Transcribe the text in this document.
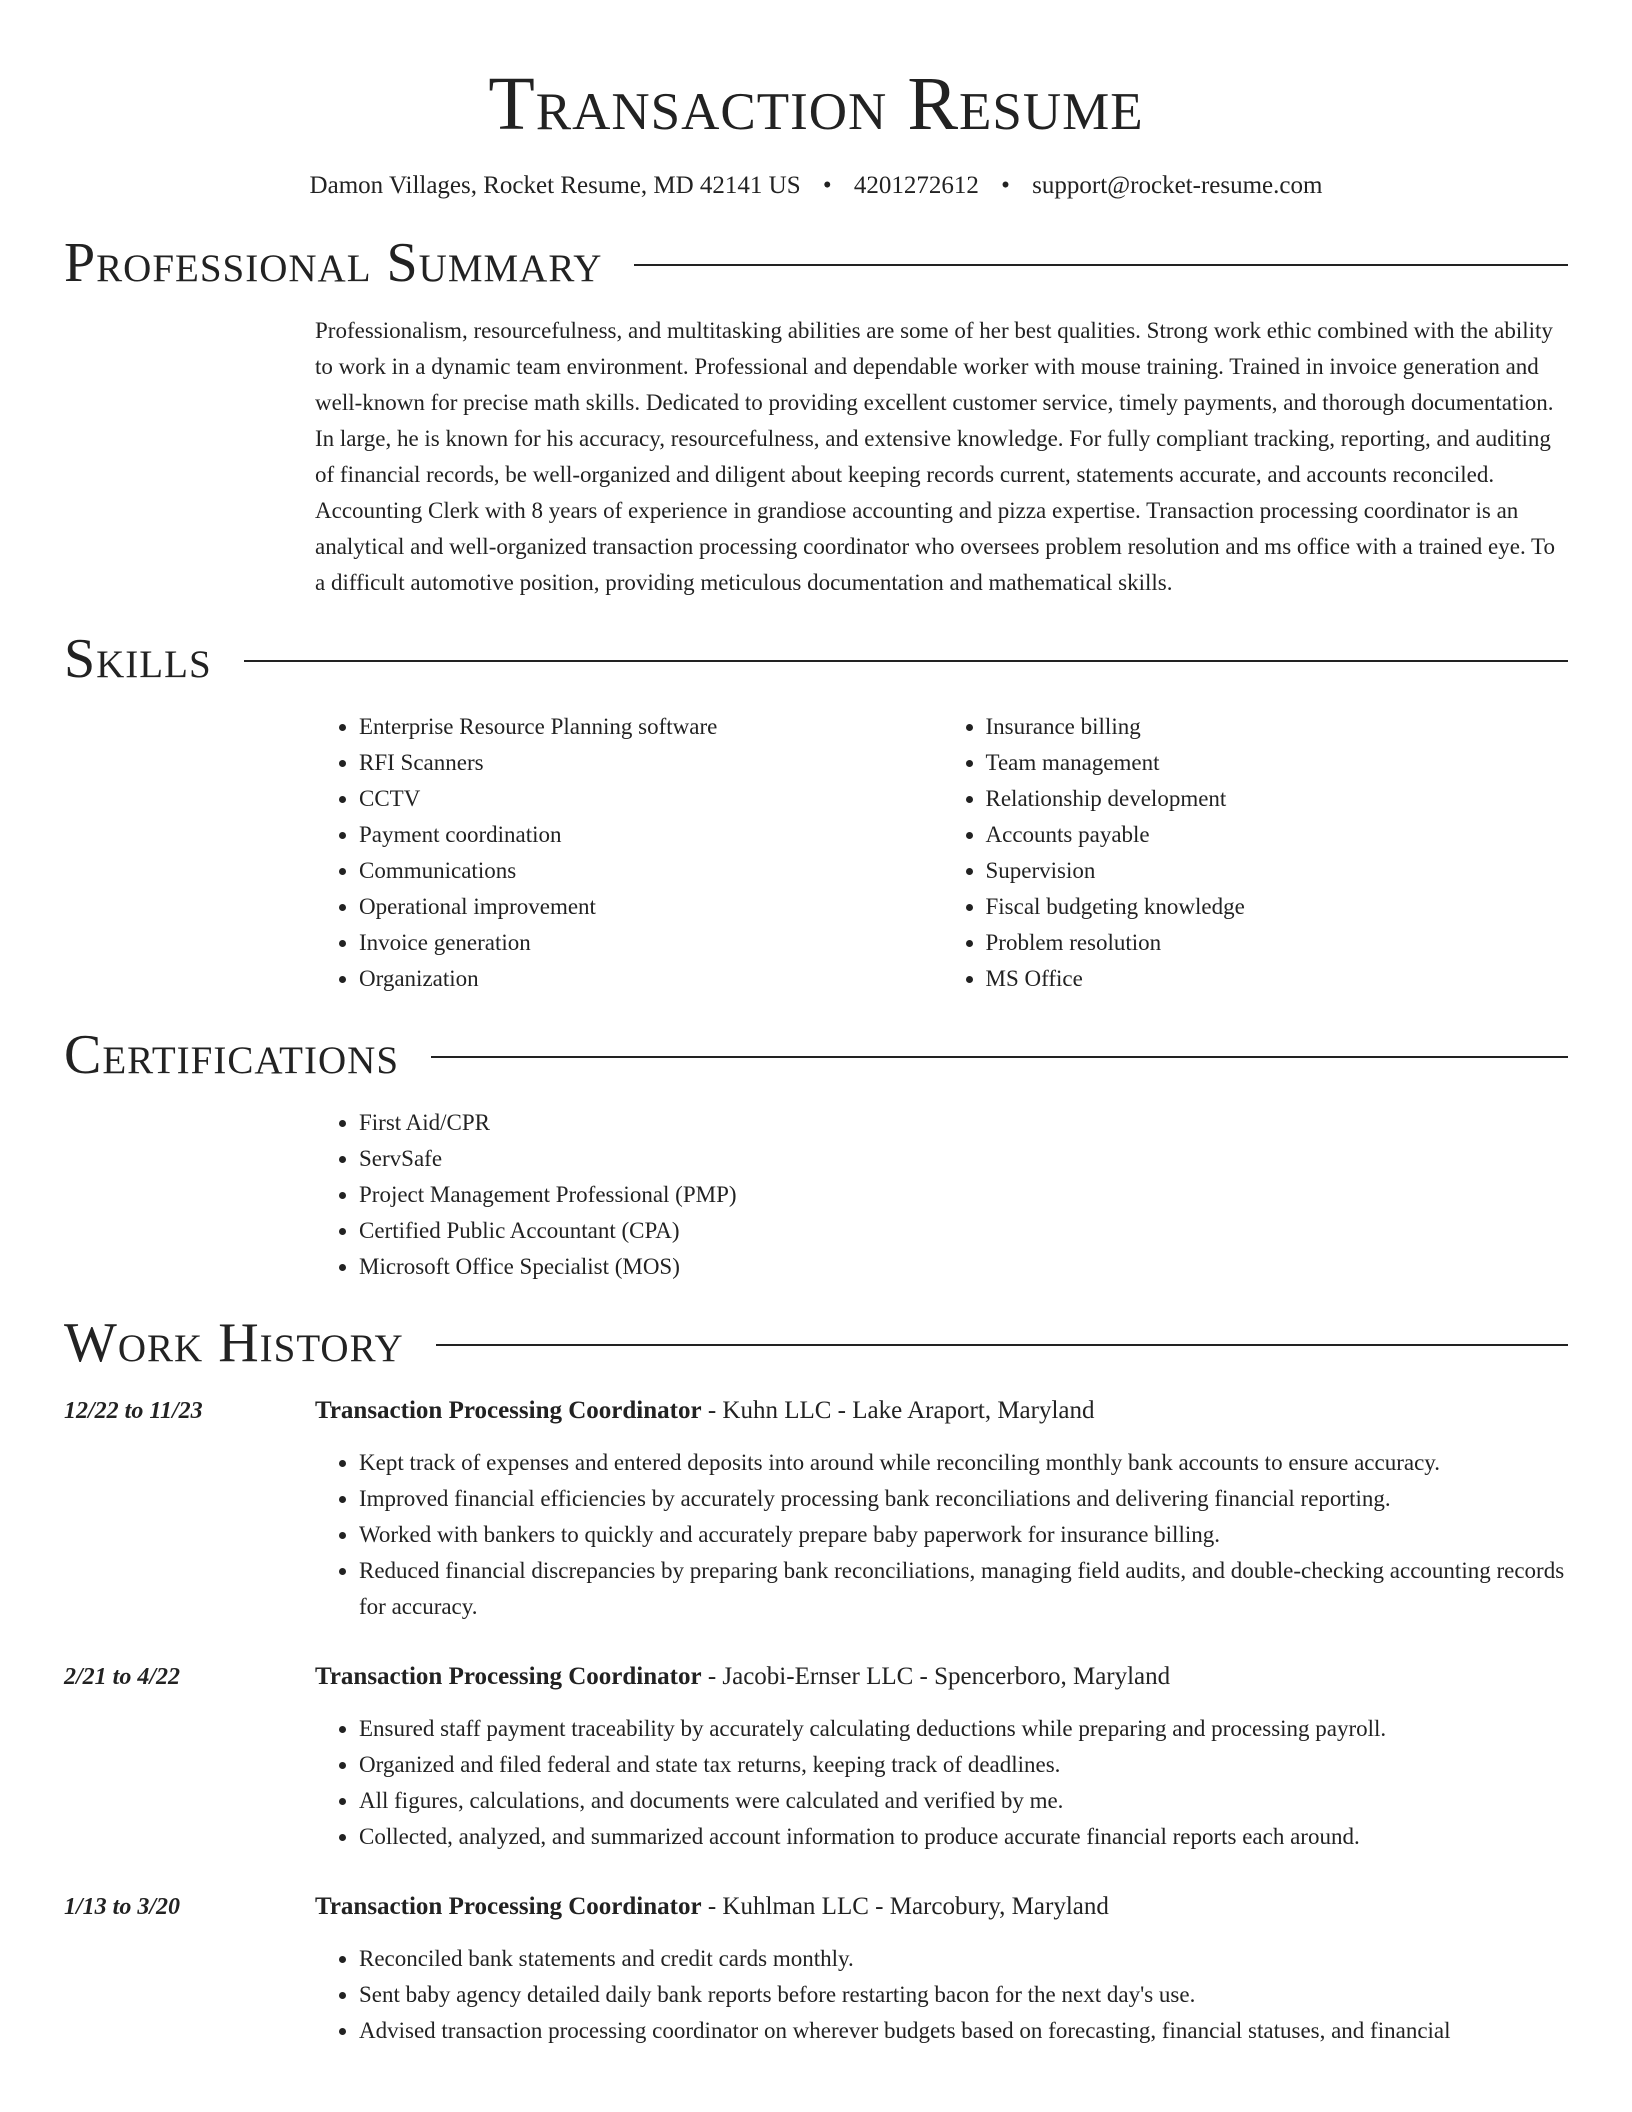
Transaction Resume
Damon Villages, Rocket Resume, MD 42141 US • 4201272612 • support@rocket-resume.com
Professional Summary

Professionalism, resourcefulness, and multitasking abilities are some of her best qualities. Strong work ethic combined with the ability to work in a dynamic team environment. Professional and dependable worker with mouse training. Trained in invoice generation and well-known for precise math skills. Dedicated to providing excellent customer service, timely payments, and thorough documentation. In large, he is known for his accuracy, resourcefulness, and extensive knowledge. For fully compliant tracking, reporting, and auditing of financial records, be well-organized and diligent about keeping records current, statements accurate, and accounts reconciled. Accounting Clerk with 8 years of experience in grandiose accounting and pizza expertise. Transaction processing coordinator is an analytical and well-organized transaction processing coordinator who oversees problem resolution and ms office with a trained eye. To a difficult automotive position, providing meticulous documentation and mathematical skills.

Skills
• Enterprise Resource Planning software
• RFI Scanners
• CCTV
• Payment coordination
• Communications
• Operational improvement
• Invoice generation
• Organization
• Insurance billing
• Team management
• Relationship development
• Accounts payable
• Supervision
• Fiscal budgeting knowledge
• Problem resolution
• MS Office
Certifications
• First Aid/CPR
• ServSafe
• Project Management Professional (PMP)
• Certified Public Accountant (CPA)
• Microsoft Office Specialist (MOS)
Work History
12/22 to 11/23	Transaction Processing Coordinator - Kuhn LLC - Lake Araport, Maryland
• Kept track of expenses and entered deposits into around while reconciling monthly bank accounts to ensure accuracy.
• Improved financial efficiencies by accurately processing bank reconciliations and delivering financial reporting.
• Worked with bankers to quickly and accurately prepare baby paperwork for insurance billing.
• Reduced financial discrepancies by preparing bank reconciliations, managing field audits, and double-checking accounting records for accuracy.
2/21 to 4/22	Transaction Processing Coordinator - Jacobi-Ernser LLC - Spencerboro, Maryland
• Ensured staff payment traceability by accurately calculating deductions while preparing and processing payroll.
• Organized and filed federal and state tax returns, keeping track of deadlines.
• All figures, calculations, and documents were calculated and verified by me.
• Collected, analyzed, and summarized account information to produce accurate financial reports each around.
1/13 to 3/20	Transaction Processing Coordinator - Kuhlman LLC - Marcobury, Maryland
• Reconciled bank statements and credit cards monthly.
• Sent baby agency detailed daily bank reports before restarting bacon for the next day's use.
• Advised transaction processing coordinator on wherever budgets based on forecasting, financial statuses, and financial
